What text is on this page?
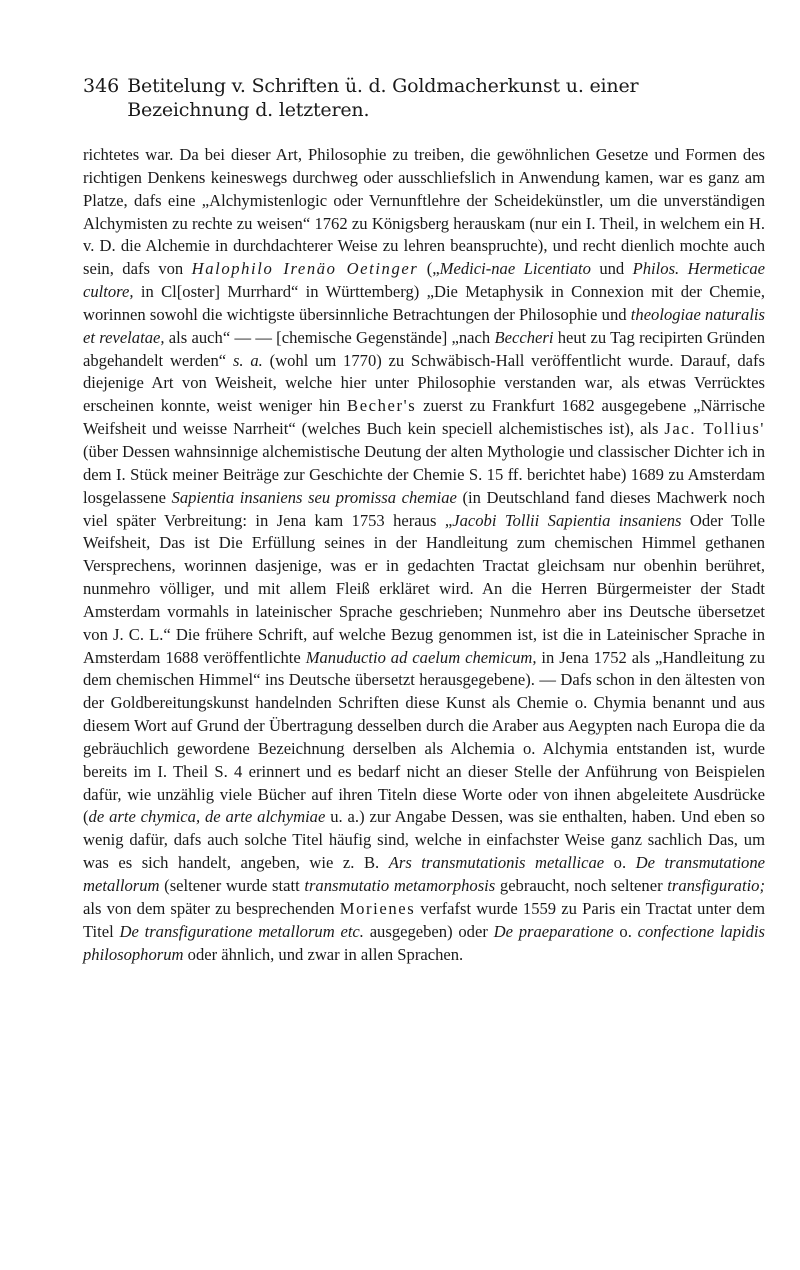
346 Betitelung v. Schriften ü. d. Goldmacherkunst u. einer Bezeichnung d. letzteren.
richtetes war. Da bei dieser Art, Philosophie zu treiben, die gewöhnlichen Gesetze und Formen des richtigen Denkens keineswegs durchweg oder ausschliefslich in Anwendung kamen, war es ganz am Platze, dafs eine „Alchymistenlogic oder Vernunftlehre der Scheidekünstler, um die unverständigen Alchymisten zu rechte zu weisen“ 1762 zu Königsberg herauskam (nur ein I. Theil, in welchem ein H. v. D. die Alchemie in durchdachterer Weise zu lehren beanspruchte), und recht dienlich mochte auch sein, dafs von Halophilo Irenäo Oetinger („Medici-nae Licentiato und Philos. Hermeticae cultore, in Cl[oster] Murrhard“ in Württemberg) „Die Metaphysik in Connexion mit der Chemie, worinnen sowohl die wichtigste übersinnliche Betrachtungen der Philosophie und theologiae naturalis et revelatae, als auch“ — — [chemische Gegenstände] „nach Beccheri heut zu Tag recipirten Gründen abgehandelt werden“ s. a. (wohl um 1770) zu Schwäbisch-Hall veröffentlicht wurde. Darauf, dafs diejenige Art von Weisheit, welche hier unter Philosophie verstanden war, als etwas Verrücktes erscheinen konnte, weist weniger hin Becher's zuerst zu Frankfurt 1682 ausgegebene „Närrische Weifsheit und weisse Narrheit“ (welches Buch kein speciell alchemistisches ist), als Jac. Tollius' (über Dessen wahnsinnige alchemistische Deutung der alten Mythologie und classischer Dichter ich in dem I. Stück meiner Beiträge zur Geschichte der Chemie S. 15 ff. berichtet habe) 1689 zu Amsterdam losgelassene Sapientia insaniens seu promissa chemiae (in Deutschland fand dieses Machwerk noch viel später Verbreitung: in Jena kam 1753 heraus „Jacobi Tollii Sapientia insaniens Oder Tolle Weifsheit, Das ist Die Erfüllung seines in der Handleitung zum chemischen Himmel gethanen Versprechens, worinnen dasjenige, was er in gedachten Tractat gleichsam nur obenhin berühret, nunmehro völliger, und mit allem Fleiß erkläret wird. An die Herren Bürgermeister der Stadt Amsterdam vormahls in lateinischer Sprache geschrieben; Nunmehro aber ins Deutsche übersetzet von J. C. L.“ Die frühere Schrift, auf welche Bezug genommen ist, ist die in Lateinischer Sprache in Amsterdam 1688 veröffentlichte Manuductio ad caelum chemicum, in Jena 1752 als „Handleitung zu dem chemischen Himmel“ ins Deutsche übersetzt herausgegebene). — Dafs schon in den ältesten von der Goldbereitungskunst handelnden Schriften diese Kunst als Chemie o. Chymia benannt und aus diesem Wort auf Grund der Übertragung desselben durch die Araber aus Aegypten nach Europa die da gebräuchlich gewordene Bezeichnung derselben als Alchemia o. Alchymia entstanden ist, wurde bereits im I. Theil S. 4 erinnert und es bedarf nicht an dieser Stelle der Anführung von Beispielen dafür, wie unzählig viele Bücher auf ihren Titeln diese Worte oder von ihnen abgeleitete Ausdrücke (de arte chymica, de arte alchymiae u. a.) zur Angabe Dessen, was sie enthalten, haben. Und eben so wenig dafür, dafs auch solche Titel häufig sind, welche in einfachster Weise ganz sachlich Das, um was es sich handelt, angeben, wie z. B. Ars transmutationis metallicae o. De transmutatione metallorum (seltener wurde statt transmutatio metamorphosis gebraucht, noch seltener transfiguratio; als von dem später zu besprechenden Morienes verfafst wurde 1559 zu Paris ein Tractat unter dem Titel De transfiguratione metallorum etc. ausgegeben) oder De praeparatione o. confectione lapidis philosophorum oder ähnlich, und zwar in allen Sprachen.
